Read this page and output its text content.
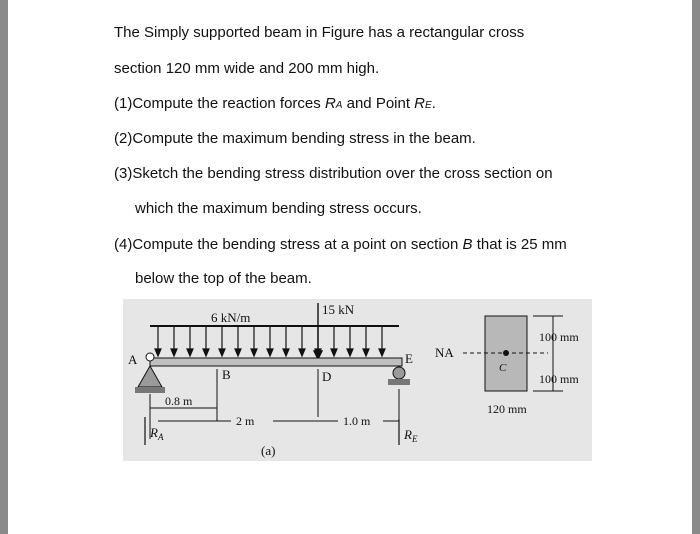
The Simply supported beam in Figure has a rectangular cross
section 120 mm wide and 200 mm high.
(1)Compute the reaction forces RA and Point RE.
(2)Compute the maximum bending stress in the beam.
(3)Sketch the bending stress distribution over the cross section on
which the maximum bending stress occurs.
(4)Compute the bending stress at a point on section B that is 25 mm
below the top of the beam.
6 kN/m
15 kN
A	E
B	D
0.8 m
2 m	1.0 m
$R_A$	$R_E$
(a)
NA
C
100 mm
100 mm
120 mm
